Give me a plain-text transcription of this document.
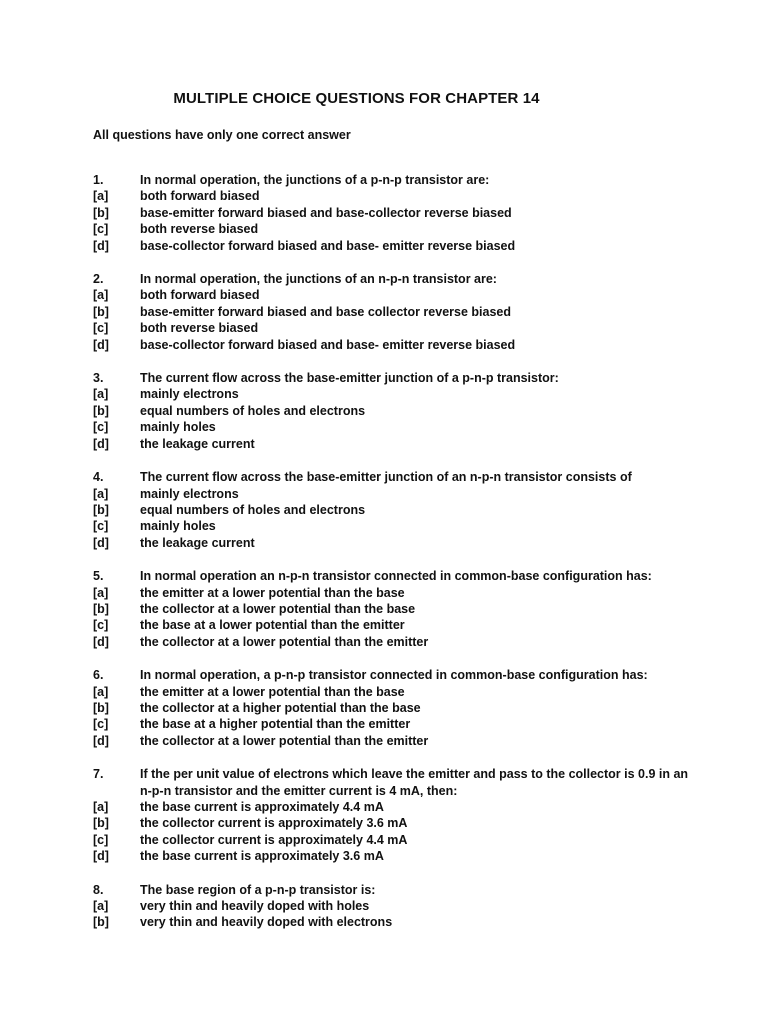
MULTIPLE CHOICE QUESTIONS FOR CHAPTER 14
All questions have only one correct answer
1.	In normal operation, the junctions of a p-n-p transistor are:
[a]	both forward biased
[b]	base-emitter forward biased and base-collector reverse biased
[c]	both reverse biased
[d]	base-collector forward biased and base- emitter reverse biased
2.	In normal operation, the junctions of an n-p-n transistor are:
[a]	both forward biased
[b]	base-emitter forward biased and base collector reverse biased
[c]	both reverse biased
[d]	base-collector forward biased and base- emitter reverse biased
3.	The current flow across the base-emitter junction of a p-n-p transistor:
[a]	mainly electrons
[b]	equal numbers of holes and electrons
[c]	mainly holes
[d]	the leakage current
4.	The current flow across the base-emitter junction of an n-p-n transistor consists of
[a]	mainly electrons
[b]	equal numbers of holes and electrons
[c]	mainly holes
[d]	the leakage current
5.	In normal operation an n-p-n transistor connected in common-base configuration has:
[a]	the emitter at a lower potential than the base
[b]	the collector at a lower potential than the base
[c]	the base at a lower potential than the emitter
[d]	the collector at a lower potential than the emitter
6.	In normal operation, a p-n-p transistor connected in common-base configuration has:
[a]	the emitter at a lower potential than the base
[b]	the collector at a higher potential than the base
[c]	the base at a higher potential than the emitter
[d]	the collector at a lower potential than the emitter
7.	If the per unit value of electrons which leave the emitter and pass to the collector is 0.9 in an
n-p-n transistor and the emitter current is 4 mA, then:
[a]	the base current is approximately 4.4 mA
[b]	the collector current is approximately 3.6 mA
[c]	the collector current is approximately 4.4 mA
[d]	the base current is approximately 3.6 mA
8.	The base region of a p-n-p transistor is:
[a]	very thin and heavily doped with holes
[b]	very thin and heavily doped with electrons
